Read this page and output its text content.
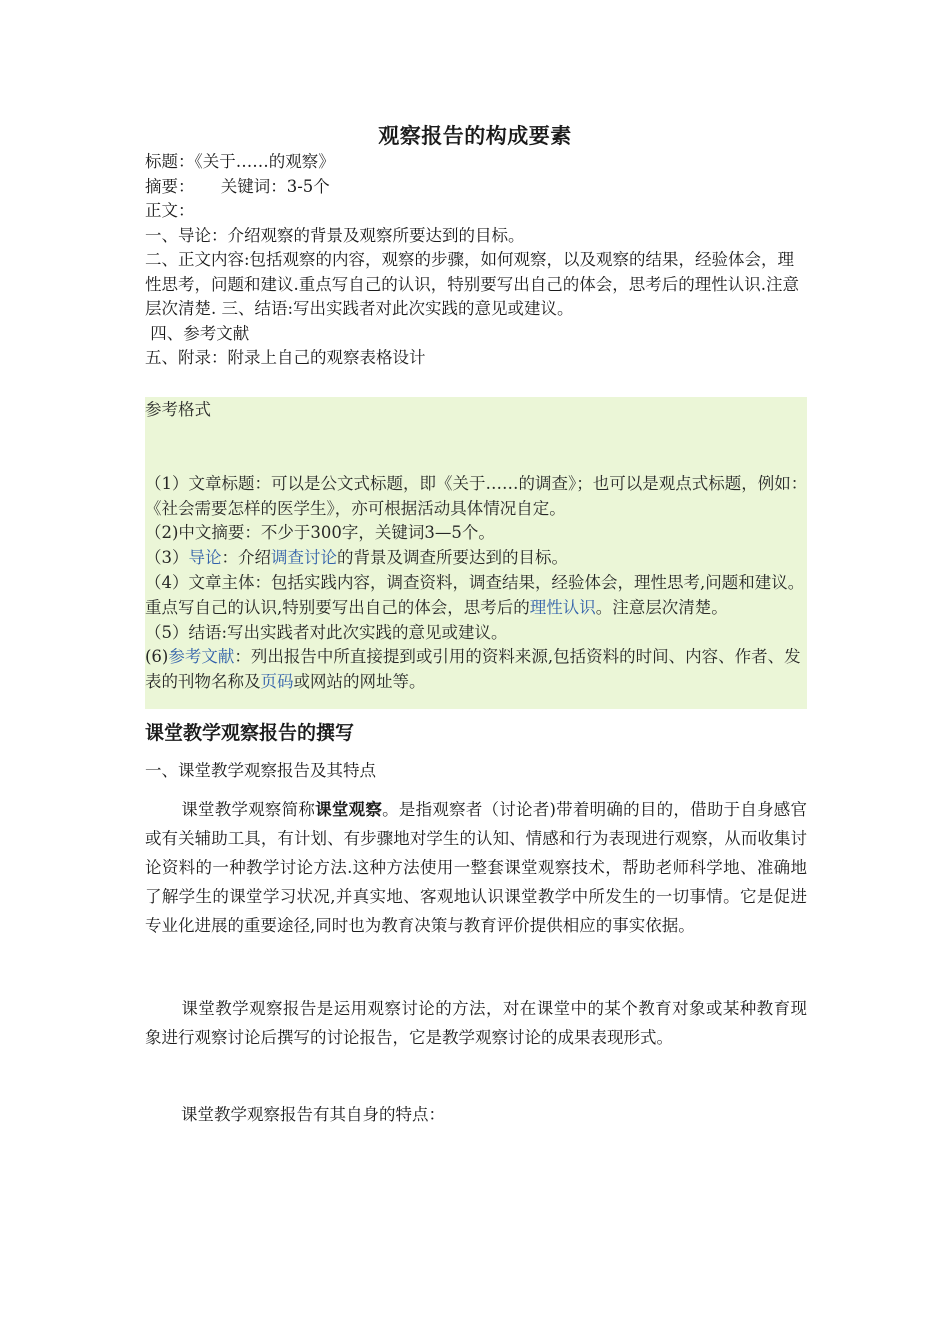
观察报告的构成要素
标题：《关于……的观察》
摘要：     关键词：3-5个
正文：
一、导论：介绍观察的背景及观察所要达到的目标。
二、正文内容:包括观察的内容，观察的步骤，如何观察，以及观察的结果，经验体会，理性思考，问题和建议.重点写自己的认识，特别要写出自己的体会，思考后的理性认识.注意层次清楚. 三、结语:写出实践者对此次实践的意见或建议。
四、参考文献
五、附录：附录上自己的观察表格设计
参考格式
（1）文章标题：可以是公文式标题，即《关于……的调查》；也可以是观点式标题，例如：《社会需要怎样的医学生》，亦可根据活动具体情况自定。
（2)中文摘要：不少于300字，关键词3—5个。
（3）导论：介绍调查讨论的背景及调查所要达到的目标。
（4）文章主体：包括实践内容，调查资料，调查结果，经验体会，理性思考,问题和建议。重点写自己的认识,特别要写出自己的体会，思考后的理性认识。注意层次清楚。
（5）结语:写出实践者对此次实践的意见或建议。
(6)参考文献：列出报告中所直接提到或引用的资料来源,包括资料的时间、内容、作者、发表的刊物名称及页码或网站的网址等。
课堂教学观察报告的撰写
一、课堂教学观察报告及其特点
课堂教学观察简称课堂观察。是指观察者（讨论者)带着明确的目的，借助于自身感官或有关辅助工具，有计划、有步骤地对学生的认知、情感和行为表现进行观察，从而收集讨论资料的一种教学讨论方法.这种方法使用一整套课堂观察技术，帮助老师科学地、准确地了解学生的课堂学习状况,并真实地、客观地认识课堂教学中所发生的一切事情。它是促进专业化进展的重要途径,同时也为教育决策与教育评价提供相应的事实依据。
课堂教学观察报告是运用观察讨论的方法，对在课堂中的某个教育对象或某种教育现象进行观察讨论后撰写的讨论报告，它是教学观察讨论的成果表现形式。
课堂教学观察报告有其自身的特点：
